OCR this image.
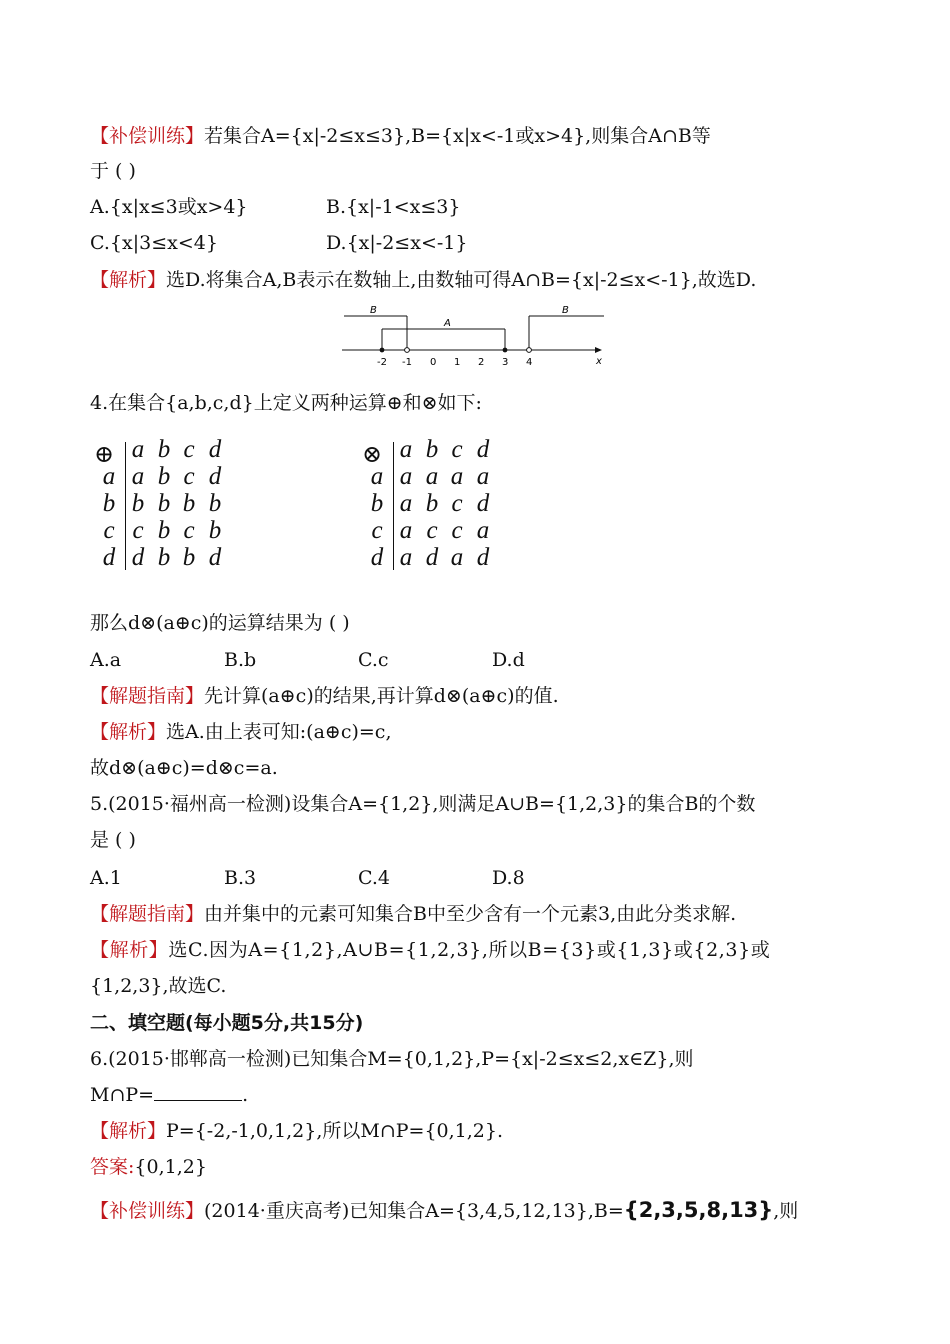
【补偿训练】若集合A={x|-2≤x≤3},B={x|x<-1或x>4},则集合A∩B等
于 ( )
A.{x|x≤3或x>4}	B.{x|-1<x≤3}
C.{x|3≤x<4}	D.{x|-2≤x<-1}
【解析】选D.将集合A,B表示在数轴上,由数轴可得A∩B={x|-2≤x<-1},故选D.
B	B
A
x
-2 -1 0 1 2 3 4
4.在集合{a,b,c,d}上定义两种运算⊕和⊗如下:
⊕ a b c d
a a b c d
b b b b b
c c b c b
d d b b d
⊗ a b c d
a a a a a
b a b c d
c a c c a
d a d a d
那么d⊗(a⊕c)的运算结果为 ( )
A.a	B.b	C.c	D.d
【解题指南】先计算(a⊕c)的结果,再计算d⊗(a⊕c)的值.
【解析】选A.由上表可知:(a⊕c)=c,
故d⊗(a⊕c)=d⊗c=a.
5.(2015·福州高一检测)设集合A={1,2},则满足A∪B={1,2,3}的集合B的个数
是 ( )
A.1	B.3	C.4	D.8
【解题指南】由并集中的元素可知集合B中至少含有一个元素3,由此分类求解.
【解析】选C.因为A={1,2},A∪B={1,2,3},所以B={3}或{1,3}或{2,3}或
{1,2,3},故选C.
二、填空题(每小题5分,共15分)
6.(2015·邯郸高一检测)已知集合M={0,1,2},P={x|-2≤x≤2,x∈Z},则
M∩P=	.
【解析】P={-2,-1,0,1,2},所以M∩P={0,1,2}.
答案:{0,1,2}
【补偿训练】(2014·重庆高考)已知集合A={3,4,5,12,13},B={2,3,5,8,13},则
